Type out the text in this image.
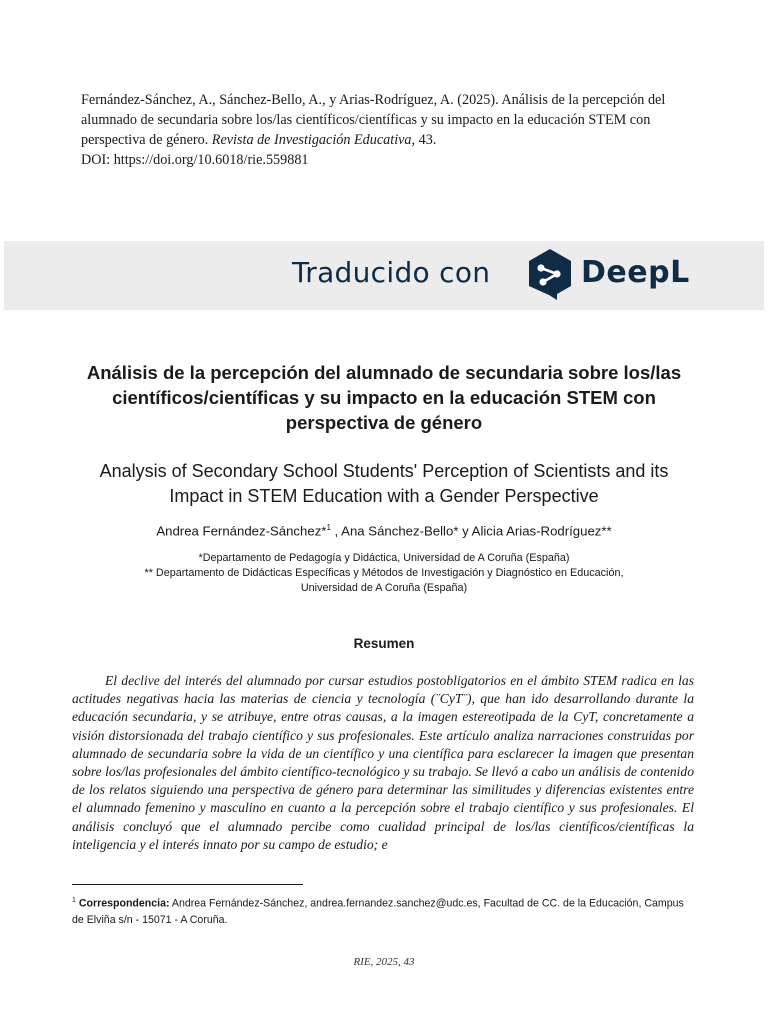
Fernández-Sánchez, A., Sánchez-Bello, A., y Arias-Rodríguez, A. (2025). Análisis de la percepción del alumnado de secundaria sobre los/las científicos/científicas y su impacto en la educación STEM con perspectiva de género. Revista de Investigación Educativa, 43.
DOI: https://doi.org/10.6018/rie.559881
Traducido con	DeepL
Análisis de la percepción del alumnado de secundaria sobre los/las científicos/científicas y su impacto en la educación STEM con perspectiva de género
Analysis of Secondary School Students' Perception of Scientists and its Impact in STEM Education with a Gender Perspective
Andrea Fernández-Sánchez*$^1$ , Ana Sánchez-Bello* y Alicia Arias-Rodríguez**
*Departamento de Pedagogía y Didáctica, Universidad de A Coruña (España)
** Departamento de Didácticas Específicas y Métodos de Investigación y Diagnóstico en Educación,
Universidad de A Coruña (España)
Resumen

El declive del interés del alumnado por cursar estudios postobligatorios en el ámbito STEM radica en las actitudes negativas hacia las materias de ciencia y tecnología (¨CyT¨), que han ido desarrollando durante la educación secundaria, y se atribuye, entre otras causas, a la imagen estereotipada de la CyT, concretamente a visión distorsionada del trabajo científico y sus profesionales. Este artículo analiza narraciones construidas por alumnado de secundaria sobre la vida de un científico y una científica para esclarecer la imagen que presentan sobre los/las profesionales del ámbito científico-tecnológico y su trabajo. Se llevó a cabo un análisis de contenido de los relatos siguiendo una perspectiva de género para determinar las similitudes y diferencias existentes entre el alumnado femenino y masculino en cuanto a la percepción sobre el trabajo científico y sus profesionales. El análisis concluyó que el alumnado percibe como cualidad principal de los/las científicos/científicas la inteligencia y el interés innato por su campo de estudio; e

$^1$ Correspondencia: Andrea Fernández-Sánchez, andrea.fernandez.sanchez@udc.es, Facultad de CC. de la Educación, Campus de Elviña s/n - 15071 - A Coruña.
RIE, 2025, 43
